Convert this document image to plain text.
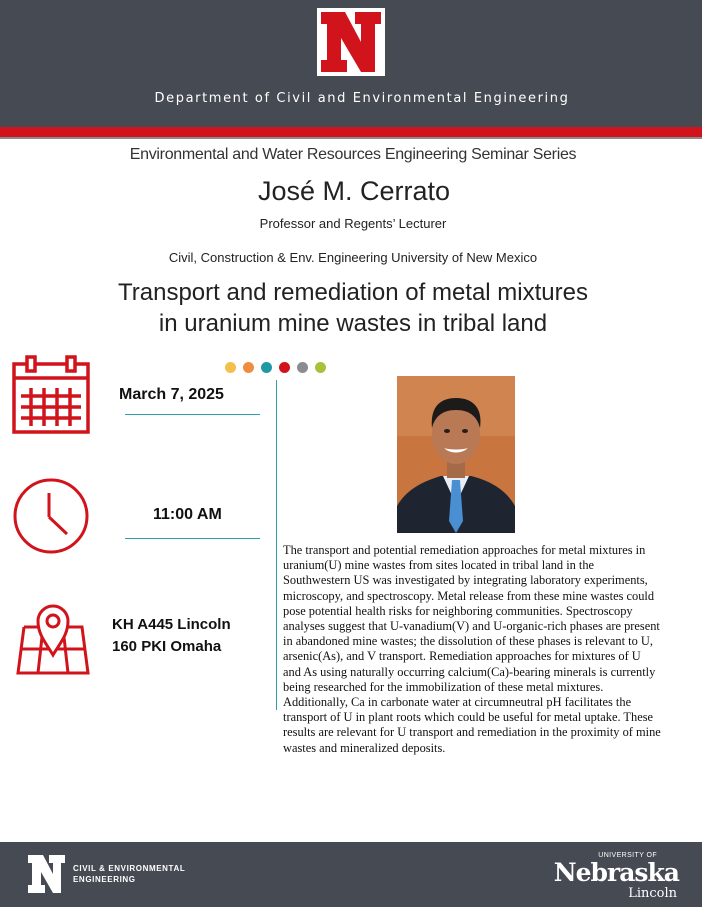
Department of Civil and Environmental Engineering
Environmental and Water Resources Engineering Seminar Series
José M. Cerrato
Professor and Regents’ Lecturer
Civil, Construction & Env. Engineering University of New Mexico
Transport and remediation of metal mixtures
in uranium mine wastes in tribal land
March 7, 2025
11:00 AM
KH A445 Lincoln
160 PKI Omaha
The transport and potential remediation approaches for metal mixtures in uranium(U) mine wastes from sites located in tribal land in the Southwestern US was investigated by integrating laboratory experiments, microscopy, and spectroscopy. Metal release from these mine wastes could pose potential health risks for neighboring communities. Spectroscopy analyses suggest that U-vanadium(V) and U-organic-rich phases are present in abandoned mine wastes; the dissolution of these phases is relevant to U, arsenic(As), and V transport. Remediation approaches for mixtures of U and As using naturally occurring calcium(Ca)-bearing minerals is currently being researched for the immobilization of these metal mixtures. Additionally, Ca in carbonate water at circumneutral pH facilitates the transport of U in plant roots which could be useful for metal uptake. These results are relevant for U transport and remediation in the proximity of mine wastes and mineralized deposits.
CIVIL & ENVIRONMENTAL
ENGINEERING
UNIVERSITY OF
Nebraska
Lincoln
